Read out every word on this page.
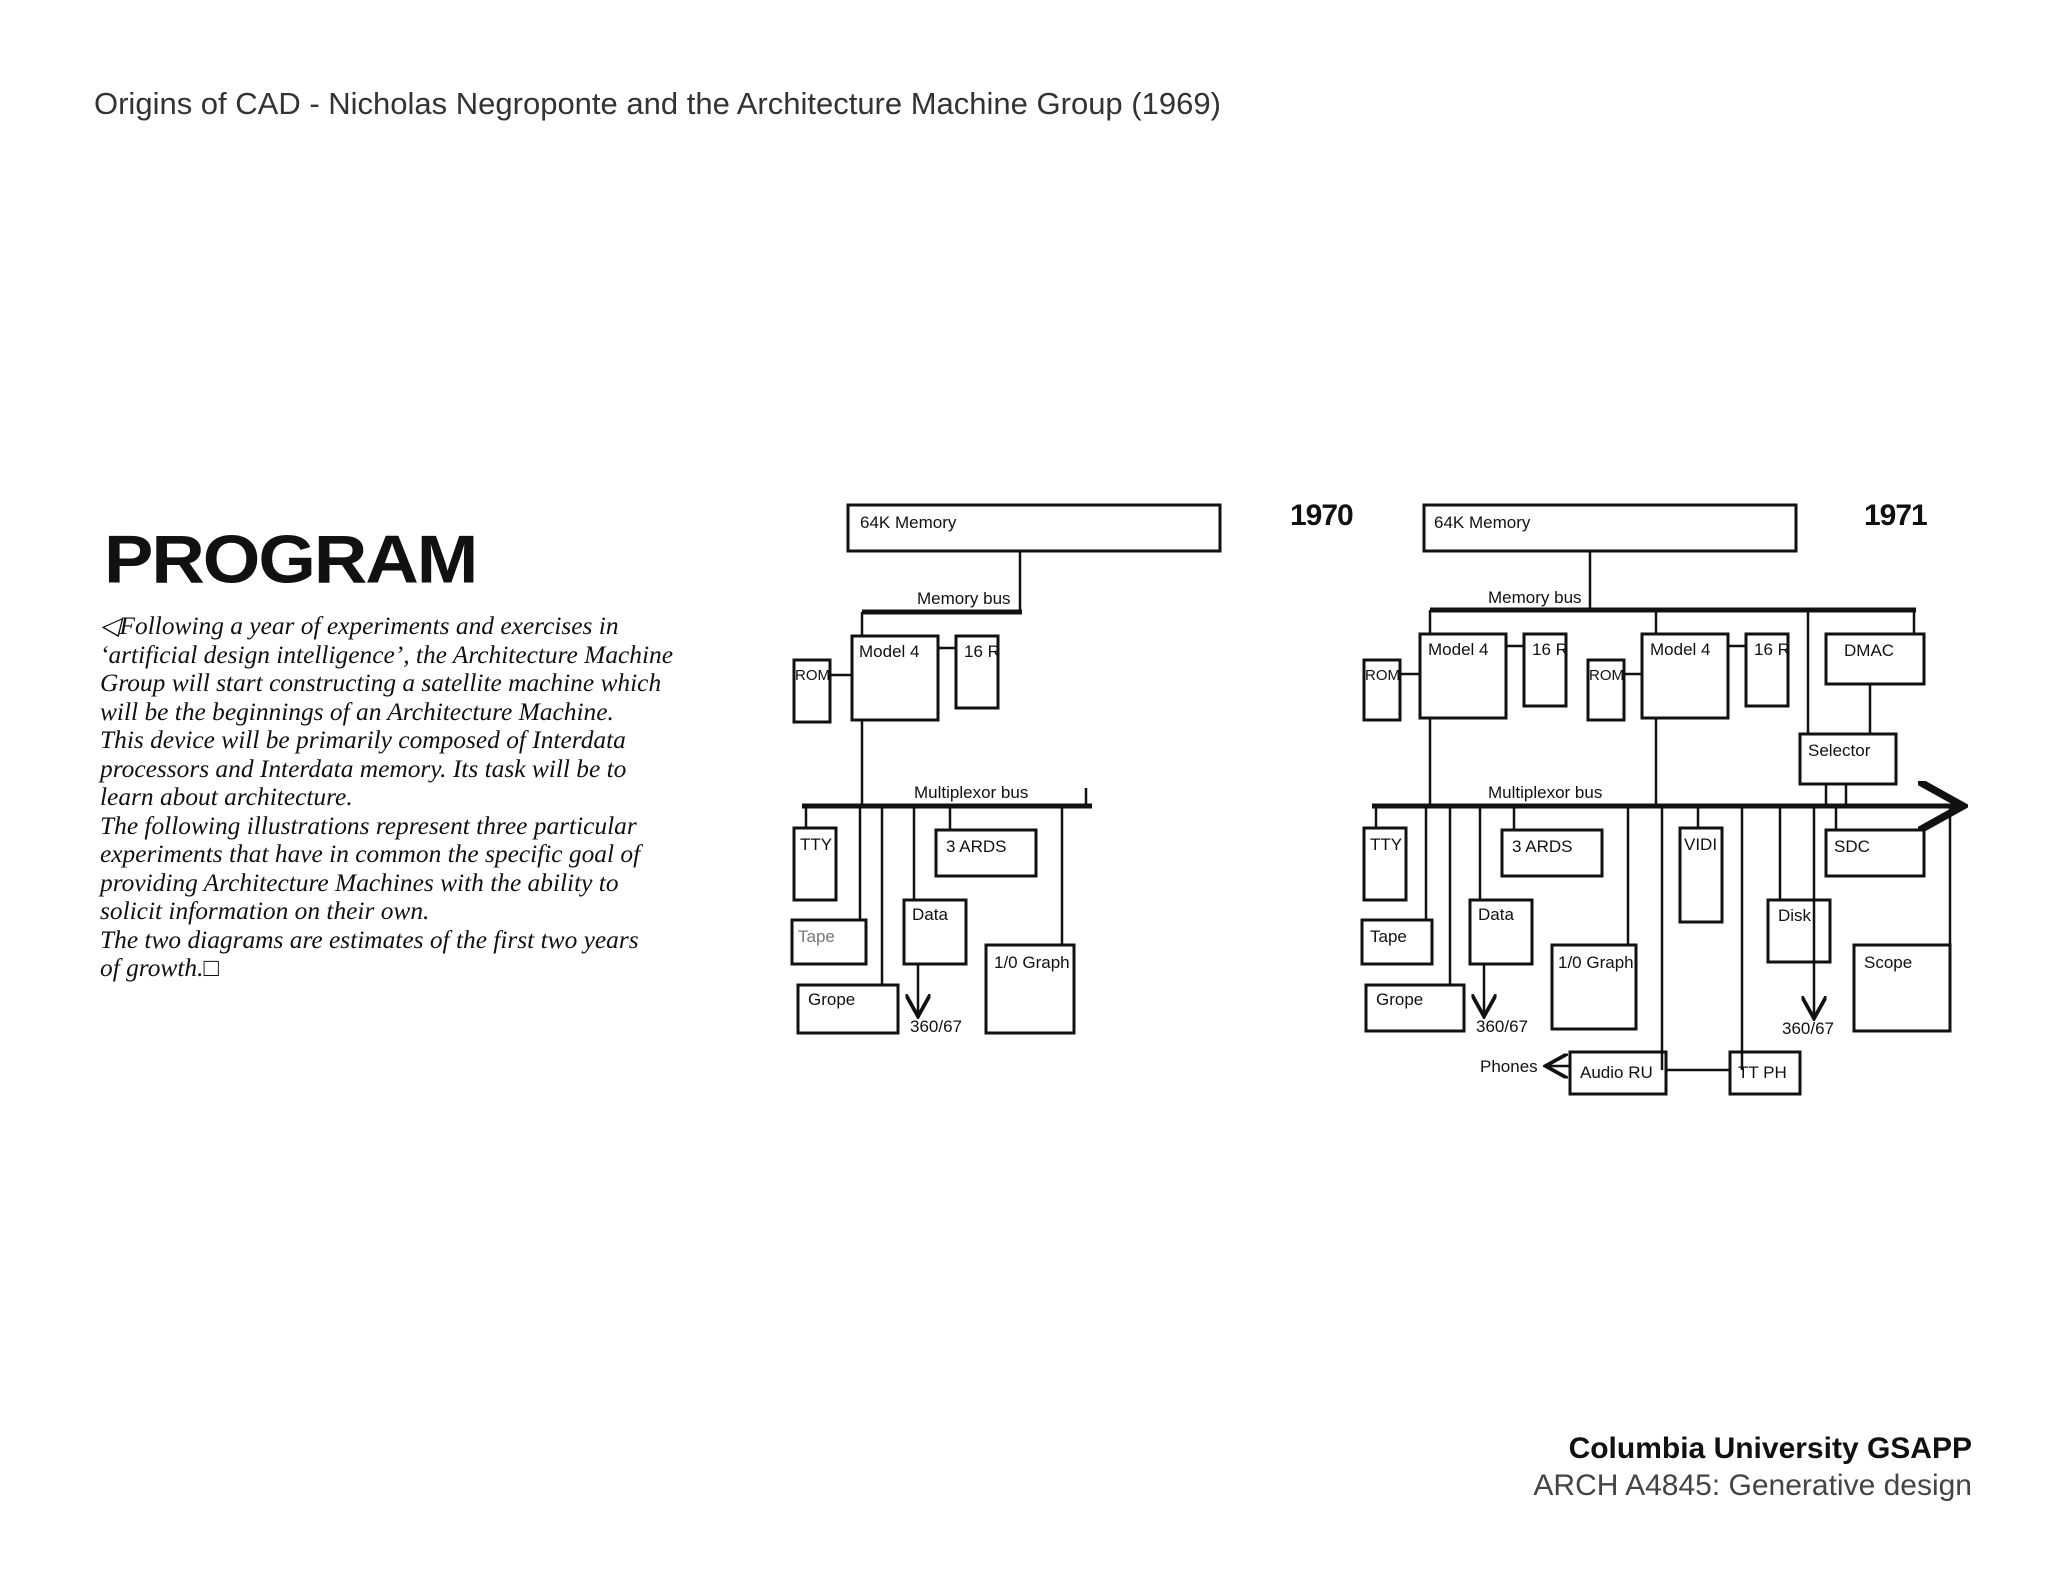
Origins of CAD - Nicholas Negroponte and the Architecture Machine Group (1969)
PROGRAM
◁Following a year of experiments and exercises in
‘artificial design intelligence’, the Architecture Machine
Group will start constructing a satellite machine which
will be the beginnings of an Architecture Machine.
This device will be primarily composed of Interdata
processors and Interdata memory. Its task will be to
learn about architecture.
The following illustrations represent three particular
experiments that have in common the specific goal of
providing Architecture Machines with the ability to
solicit information on their own.
The two diagrams are estimates of the first two years
of growth.□
1970
64K Memory
Memory bus
Model 4	16 R
ROM
Multiplexor bus
TTY	3 ARDS
Tape
Data
360/67
1/0 Graph
Grope
1971
64K Memory
Memory bus
Model 4	16 R
ROM	ROM
Model 4	16 R	DMAC
Selector
Multiplexor bus
TTY	3 ARDS	VIDI	SDC
Tape
Data
360/67
Disk
1/0 Graph	Scope
360/67
Grope
Phones Audio RU	TT PH
Columbia University GSAPP
ARCH A4845: Generative design
